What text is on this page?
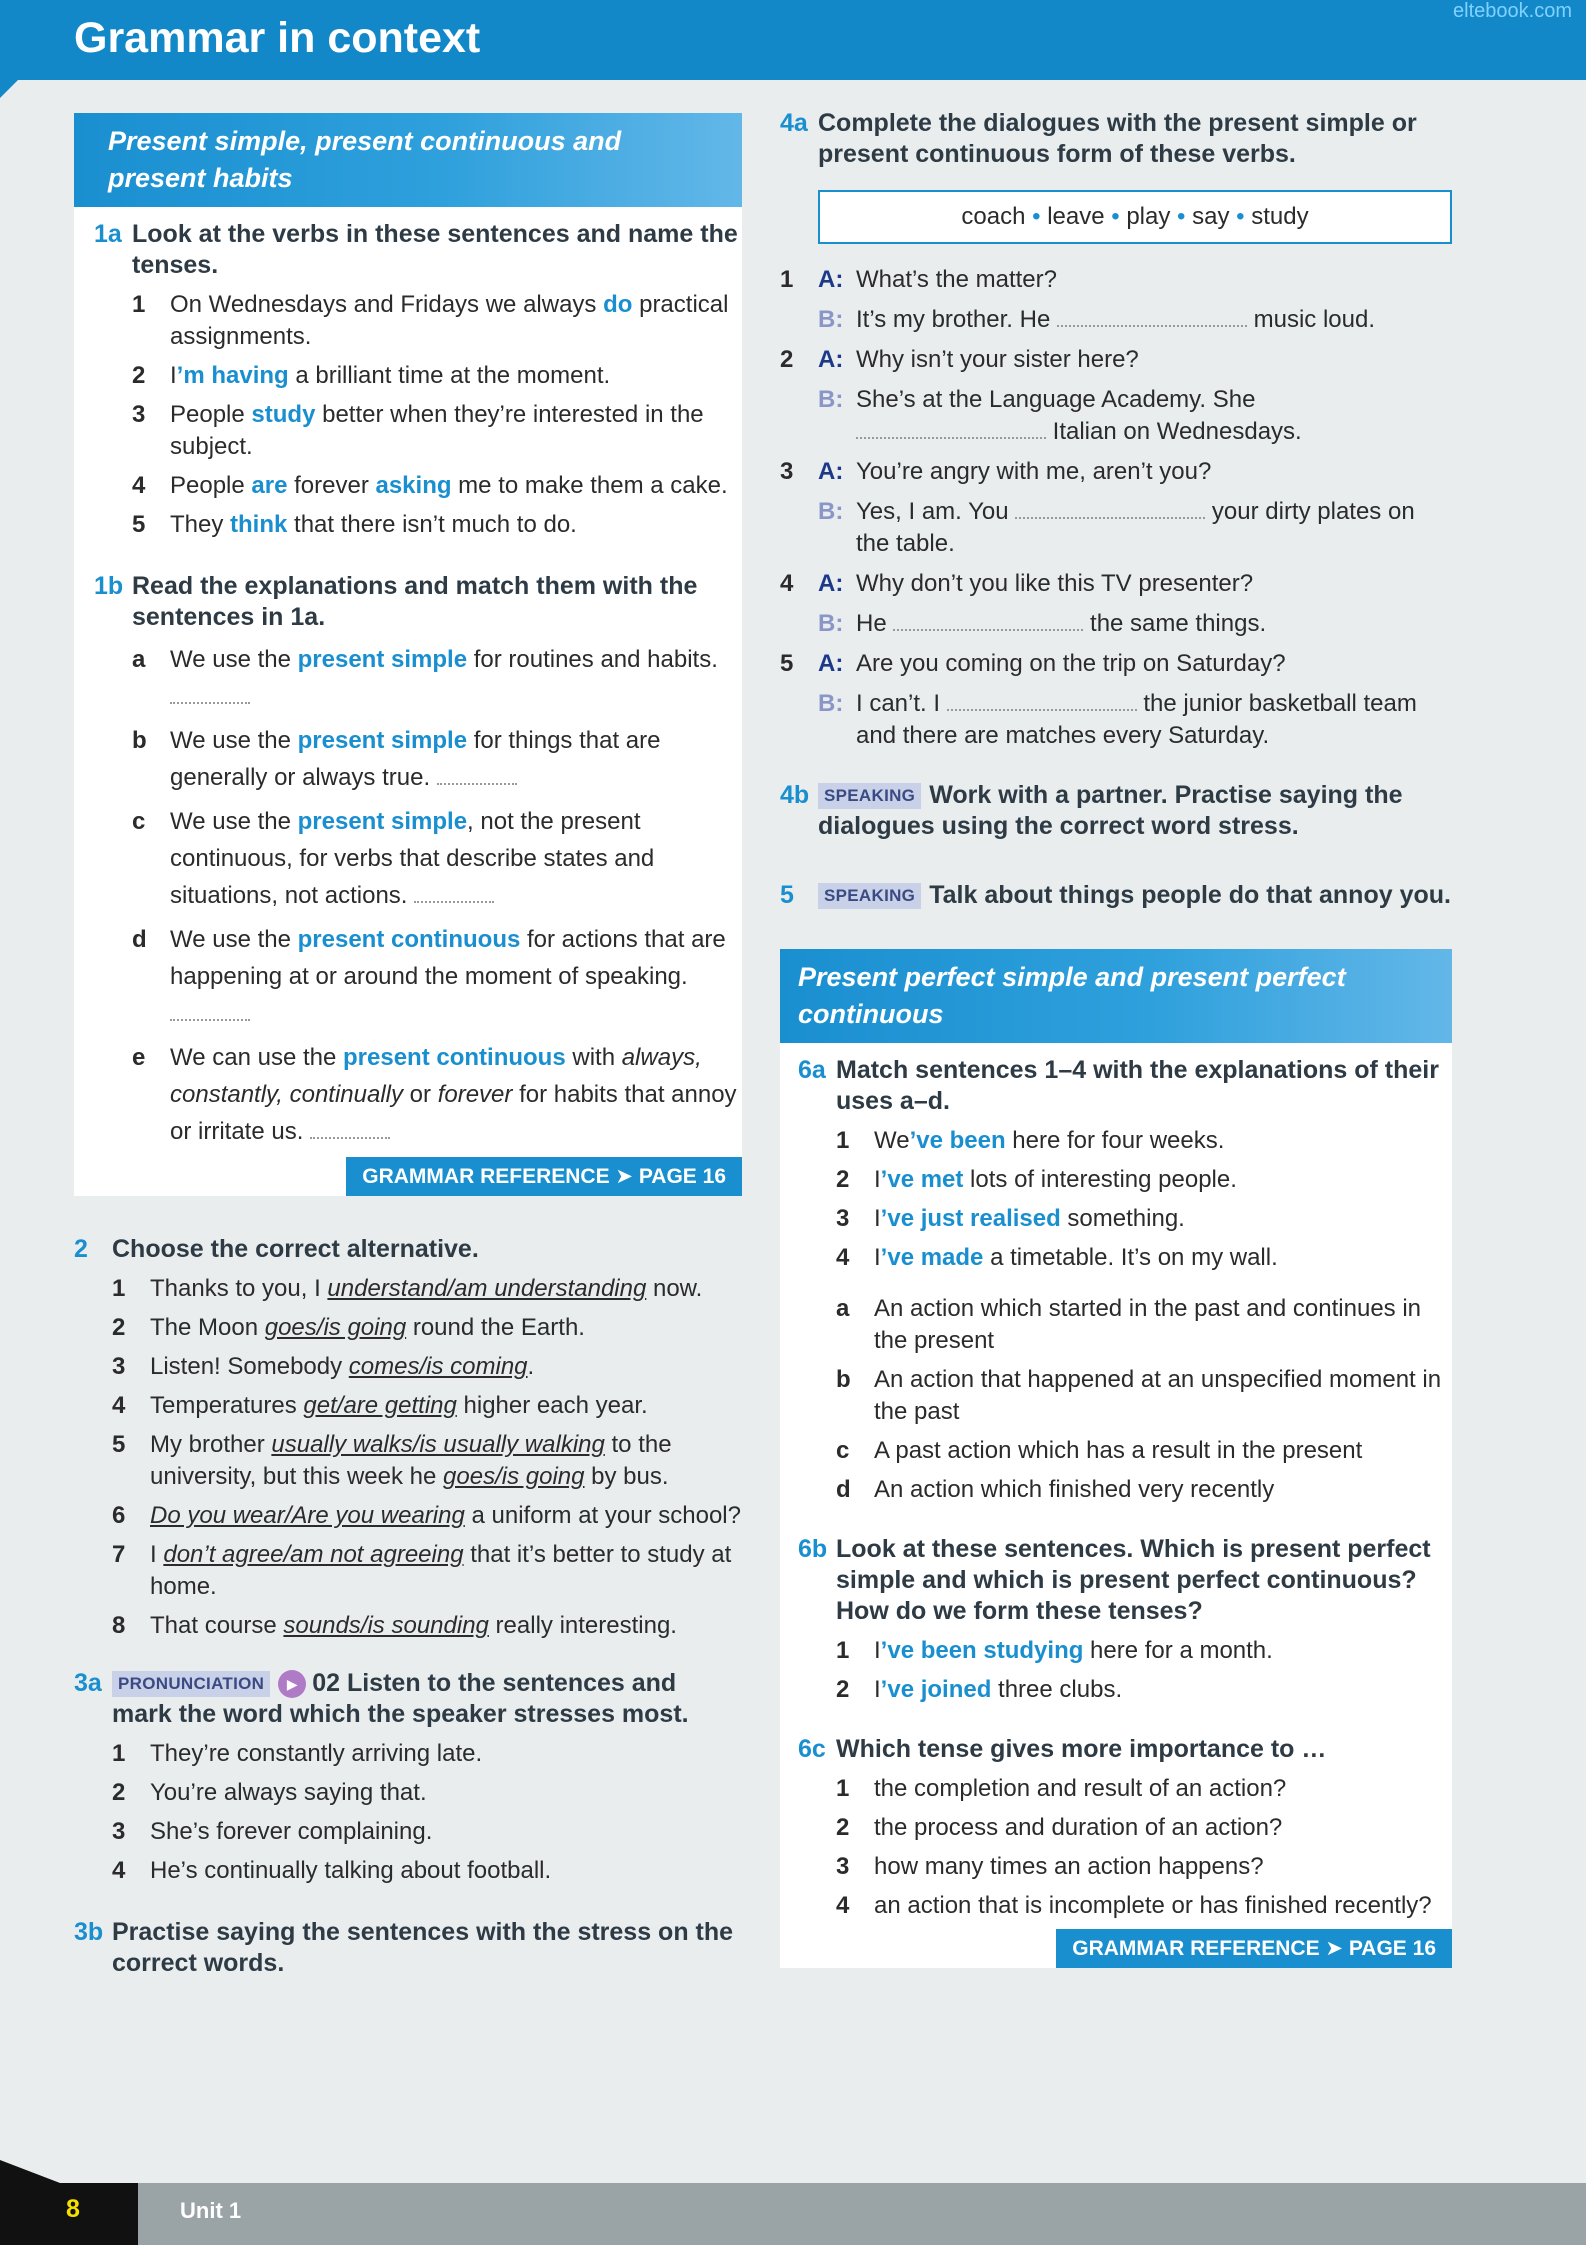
Grammar in context
eltebook.com
Present simple, present continuous and present habits
1a Look at the verbs in these sentences and name the tenses.
1	On Wednesdays and Fridays we always do practical assignments.
2	I’m having a brilliant time at the moment.
3	People study better when they’re interested in the subject.
4	People are forever asking me to make them a cake.
5	They think that there isn’t much to do.
1b Read the explanations and match them with the sentences in 1a.
a	We use the present simple for routines and habits.
b We use the present simple for things that are generally or always true.
c	We use the present simple, not the present continuous, for verbs that describe states and situations, not actions.
d We use the present continuous for actions that are happening at or around the moment of speaking.
e	We can use the present continuous with always, constantly, continually or forever for habits that annoy or irritate us.
GRAMMAR REFERENCE ➤ PAGE 16
2 Choose the correct alternative.
1	Thanks to you, I understand/am understanding now.
2	The Moon goes/is going round the Earth.
3	Listen! Somebody comes/is coming.
4	Temperatures get/are getting higher each year.
5	My brother usually walks/is usually walking to the university, but this week he goes/is going by bus.
6	Do you wear/Are you wearing a uniform at your school?
7	I don’t agree/am not agreeing that it’s better to study at home.
8	That course sounds/is sounding really interesting.
3a PRONUNCIATION ▶ 02 Listen to the sentences and mark the word which the speaker stresses most.
1	They’re constantly arriving late.
2	You’re always saying that.
3	She’s forever complaining.
4	He’s continually talking about football.
3b Practise saying the sentences with the stress on the correct words.
4a Complete the dialogues with the present simple or present continuous form of these verbs.
coach • leave • play • say • study
1	A: What’s the matter?
B: It’s my brother. He	music loud.
2	A: Why isn’t your sister here?
B: She’s at the Language Academy. She
Italian on Wednesdays.
3	A: You’re angry with me, aren’t you?
B: Yes, I am. You	your dirty plates on the table.
4	A: Why don’t you like this TV presenter?
B: He	the same things.
5	A: Are you coming on the trip on Saturday?
B: I can’t. I	the junior basketball team and there are matches every Saturday.
4b SPEAKING Work with a partner. Practise saying the dialogues using the correct word stress.
5	SPEAKING Talk about things people do that annoy you.
Present perfect simple and present perfect continuous
6a Match sentences 1–4 with the explanations of their uses a–d.
1	We’ve been here for four weeks.
2	I’ve met lots of interesting people.
3	I’ve just realised something.
4	I’ve made a timetable. It’s on my wall.
a	An action which started in the past and continues in the present
b An action that happened at an unspecified moment in the past
c	A past action which has a result in the present
d An action which finished very recently
6b Look at these sentences. Which is present perfect simple and which is present perfect continuous? How do we form these tenses?
1	I’ve been studying here for a month.
2	I’ve joined three clubs.
6c Which tense gives more importance to …
1	the completion and result of an action?
2	the process and duration of an action?
3	how many times an action happens?
4	an action that is incomplete or has finished recently?
GRAMMAR REFERENCE ➤ PAGE 16
8	Unit 1
